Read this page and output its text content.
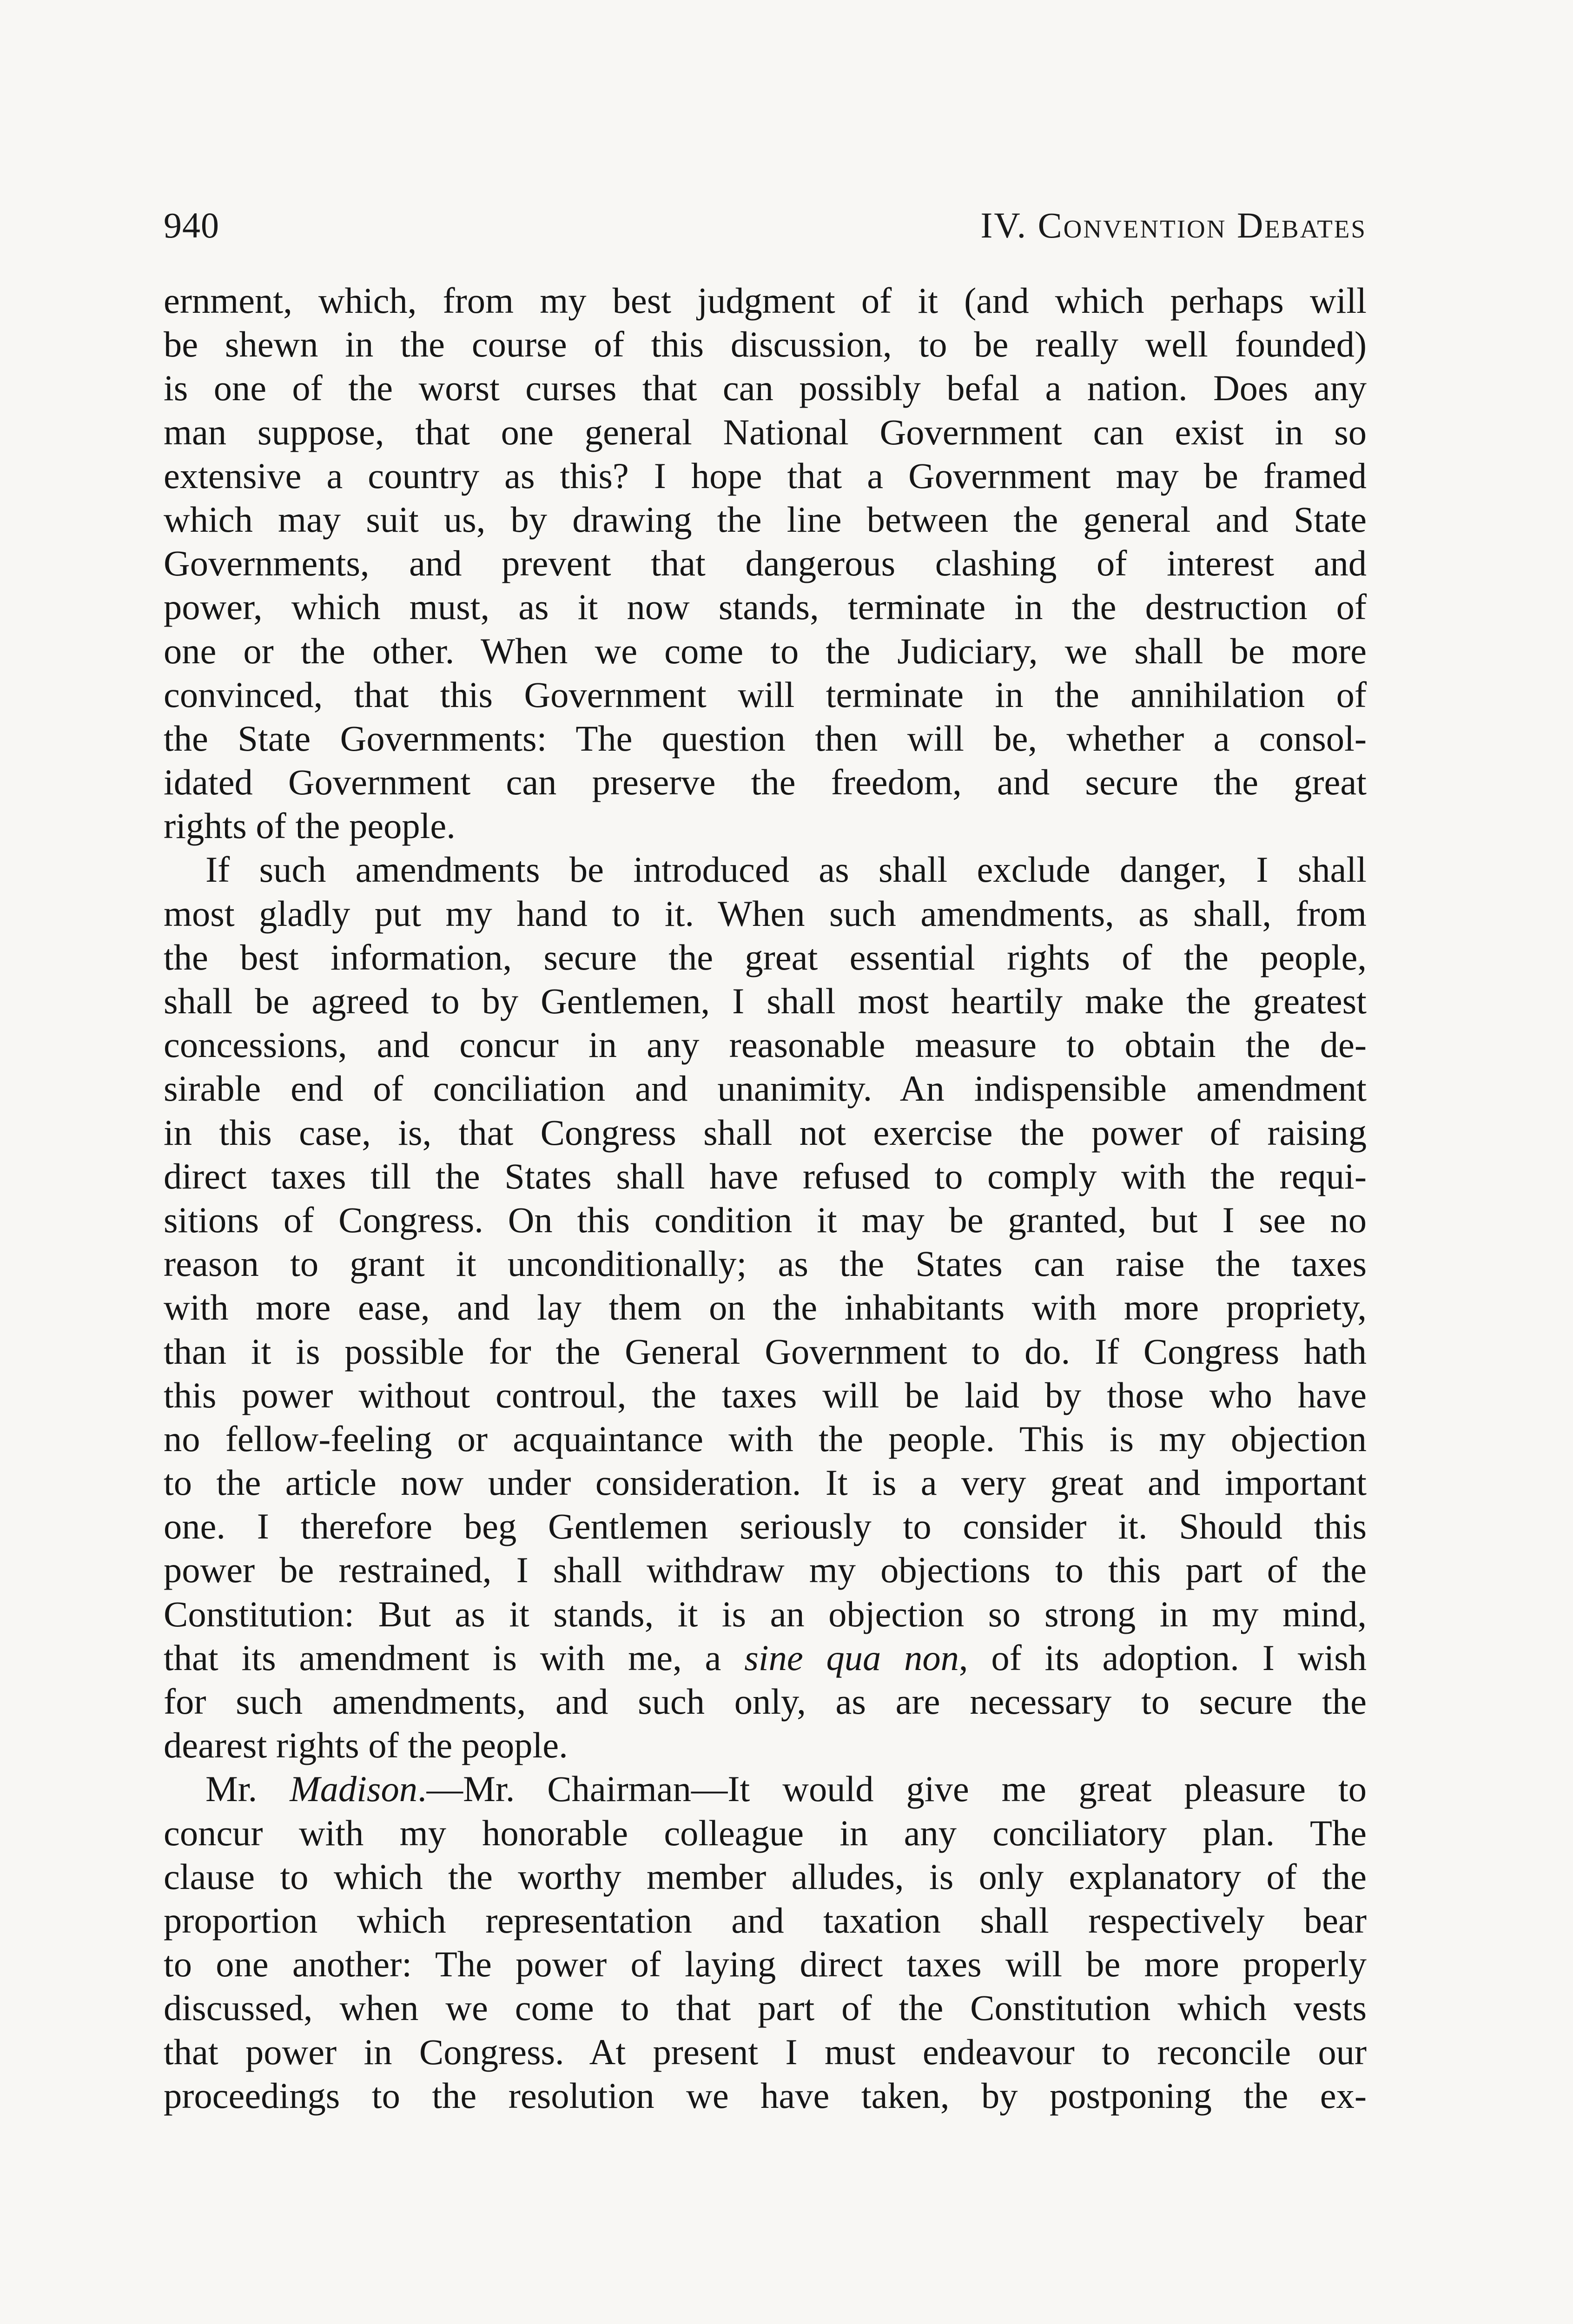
940	IV. Convention Debates
ernment, which, from my best judgment of it (and which perhaps will
be shewn in the course of this discussion, to be really well founded)
is one of the worst curses that can possibly befal a nation. Does any
man suppose, that one general National Government can exist in so
extensive a country as this? I hope that a Government may be framed
which may suit us, by drawing the line between the general and State
Governments, and prevent that dangerous clashing of interest and
power, which must, as it now stands, terminate in the destruction of
one or the other. When we come to the Judiciary, we shall be more
convinced, that this Government will terminate in the annihilation of
the State Governments: The question then will be, whether a consol-
idated Government can preserve the freedom, and secure the great
rights of the people.
If such amendments be introduced as shall exclude danger, I shall
most gladly put my hand to it. When such amendments, as shall, from
the best information, secure the great essential rights of the people,
shall be agreed to by Gentlemen, I shall most heartily make the greatest
concessions, and concur in any reasonable measure to obtain the de-
sirable end of conciliation and unanimity. An indispensible amendment
in this case, is, that Congress shall not exercise the power of raising
direct taxes till the States shall have refused to comply with the requi-
sitions of Congress. On this condition it may be granted, but I see no
reason to grant it unconditionally; as the States can raise the taxes
with more ease, and lay them on the inhabitants with more propriety,
than it is possible for the General Government to do. If Congress hath
this power without controul, the taxes will be laid by those who have
no fellow-feeling or acquaintance with the people. This is my objection
to the article now under consideration. It is a very great and important
one. I therefore beg Gentlemen seriously to consider it. Should this
power be restrained, I shall withdraw my objections to this part of the
Constitution: But as it stands, it is an objection so strong in my mind,
that its amendment is with me, a sine qua non, of its adoption. I wish
for such amendments, and such only, as are necessary to secure the
dearest rights of the people.
Mr. Madison.—Mr. Chairman—It would give me great pleasure to
concur with my honorable colleague in any conciliatory plan. The
clause to which the worthy member alludes, is only explanatory of the
proportion which representation and taxation shall respectively bear
to one another: The power of laying direct taxes will be more properly
discussed, when we come to that part of the Constitution which vests
that power in Congress. At present I must endeavour to reconcile our
proceedings to the resolution we have taken, by postponing the ex-
